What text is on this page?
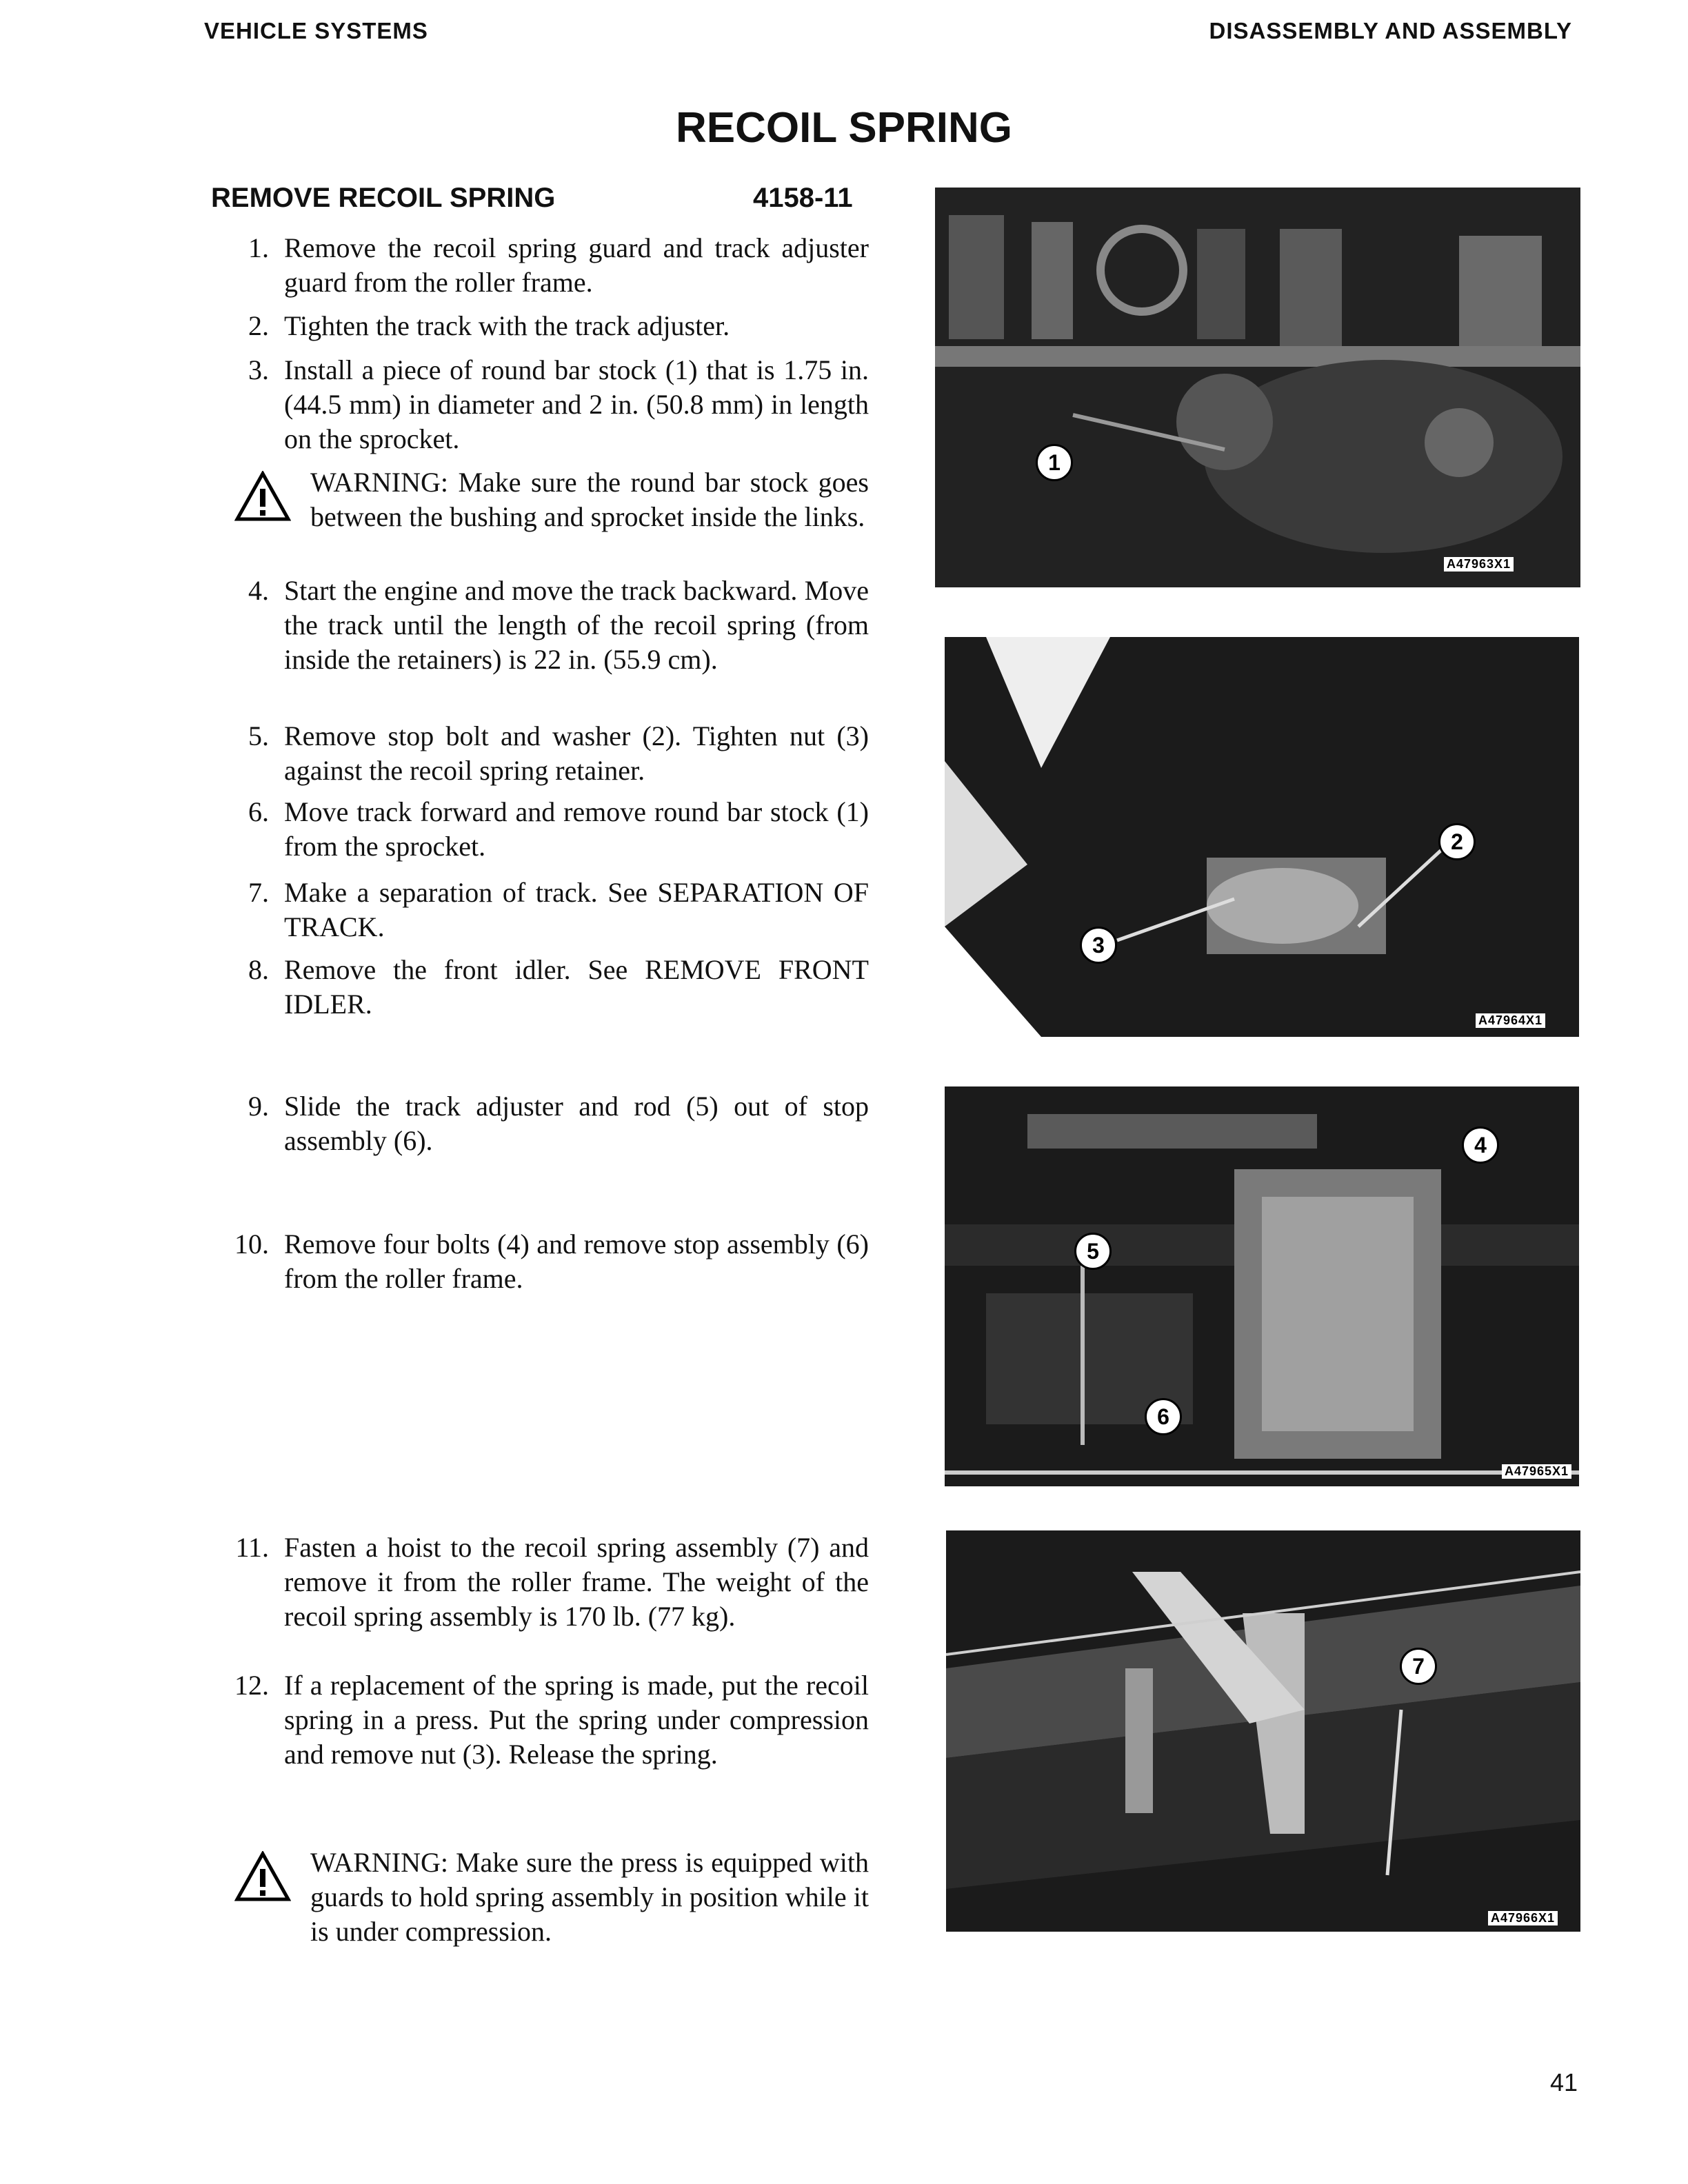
VEHICLE SYSTEMS	DISASSEMBLY AND ASSEMBLY
RECOIL SPRING
REMOVE RECOIL SPRING	4158-11
1. Remove the recoil spring guard and track adjuster guard from the roller frame.
2. Tighten the track with the track adjuster.
3. Install a piece of round bar stock (1) that is 1.75 in. (44.5 mm) in diameter and 2 in. (50.8 mm) in length on the sprocket.
WARNING: Make sure the round bar stock goes between the bushing and sprocket inside the links.
4. Start the engine and move the track backward. Move the track until the length of the recoil spring (from inside the retainers) is 22 in. (55.9 cm).
5. Remove stop bolt and washer (2). Tighten nut (3) against the recoil spring retainer.
6. Move track forward and remove round bar stock (1) from the sprocket.
7. Make a separation of track. See SEPARATION OF TRACK.
8. Remove the front idler. See REMOVE FRONT IDLER.
9. Slide the track adjuster and rod (5) out of stop assembly (6).
10. Remove four bolts (4) and remove stop assembly (6) from the roller frame.
11. Fasten a hoist to the recoil spring assembly (7) and remove it from the roller frame. The weight of the recoil spring assembly is 170 lb. (77 kg).
12. If a replacement of the spring is made, put the recoil spring in a press. Put the spring under compression and remove nut (3). Release the spring.
WARNING: Make sure the press is equipped with guards to hold spring assembly in position while it is under compression.
1
A47963X1
2
3
A47964X1
4
5
6
A47965X1
7
A47966X1
41
